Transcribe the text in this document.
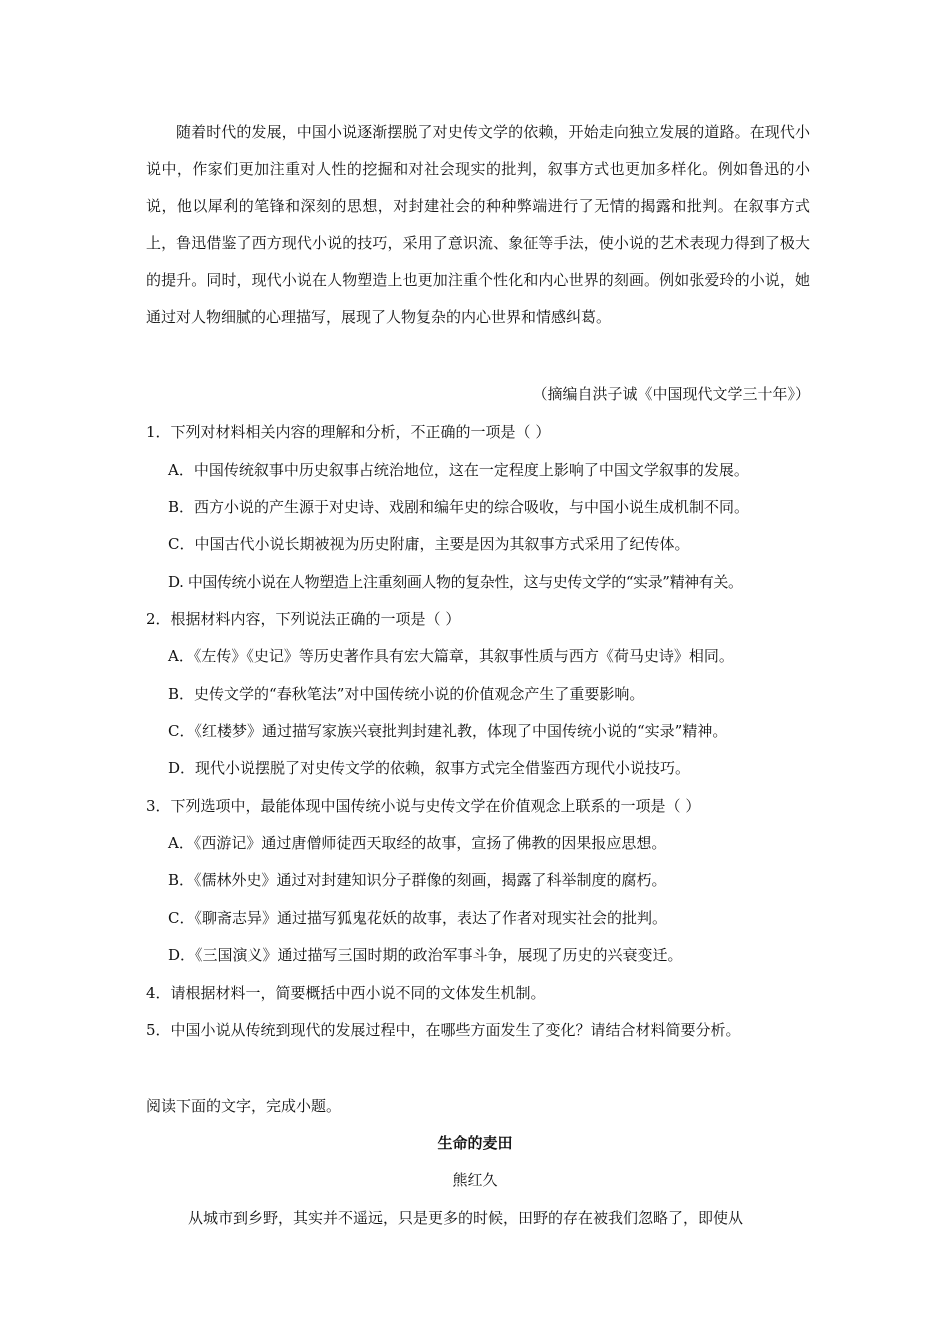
随着时代的发展，中国小说逐渐摆脱了对史传文学的依赖，开始走向独立发展的道路。在现代小说中，作家们更加注重对人性的挖掘和对社会现实的批判，叙事方式也更加多样化。例如鲁迅的小说，他以犀利的笔锋和深刻的思想，对封建社会的种种弊端进行了无情的揭露和批判。在叙事方式上，鲁迅借鉴了西方现代小说的技巧，采用了意识流、象征等手法，使小说的艺术表现力得到了极大的提升。同时，现代小说在人物塑造上也更加注重个性化和内心世界的刻画。例如张爱玲的小说，她通过对人物细腻的心理描写，展现了人物复杂的内心世界和情感纠葛。

（摘编自洪子诚《中国现代文学三十年》）
1．下列对材料相关内容的理解和分析，不正确的一项是（ ）
A．中国传统叙事中历史叙事占统治地位，这在一定程度上影响了中国文学叙事的发展。
B．西方小说的产生源于对史诗、戏剧和编年史的综合吸收，与中国小说生成机制不同。
C．中国古代小说长期被视为历史附庸，主要是因为其叙事方式采用了纪传体。
D. 中国传统小说在人物塑造上注重刻画人物的复杂性，这与史传文学的“实录”精神有关。
2．根据材料内容，下列说法正确的一项是（ ）
A．《左传》《史记》等历史著作具有宏大篇章，其叙事性质与西方《荷马史诗》相同。
B．史传文学的“春秋笔法”对中国传统小说的价值观念产生了重要影响。
C．《红楼梦》通过描写家族兴衰批判封建礼教，体现了中国传统小说的“实录”精神。
D．现代小说摆脱了对史传文学的依赖，叙事方式完全借鉴西方现代小说技巧。
3．下列选项中，最能体现中国传统小说与史传文学在价值观念上联系的一项是（ ）
A．《西游记》通过唐僧师徒西天取经的故事，宣扬了佛教的因果报应思想。
B．《儒林外史》通过对封建知识分子群像的刻画，揭露了科举制度的腐朽。
C．《聊斋志异》通过描写狐鬼花妖的故事，表达了作者对现实社会的批判。
D．《三国演义》通过描写三国时期的政治军事斗争，展现了历史的兴衰变迁。
4．请根据材料一，简要概括中西小说不同的文体发生机制。
5．中国小说从传统到现代的发展过程中，在哪些方面发生了变化？请结合材料简要分析。
阅读下面的文字，完成小题。
生命的麦田
熊红久
从城市到乡野，其实并不遥远，只是更多的时候，田野的存在被我们忽略了，即使从
